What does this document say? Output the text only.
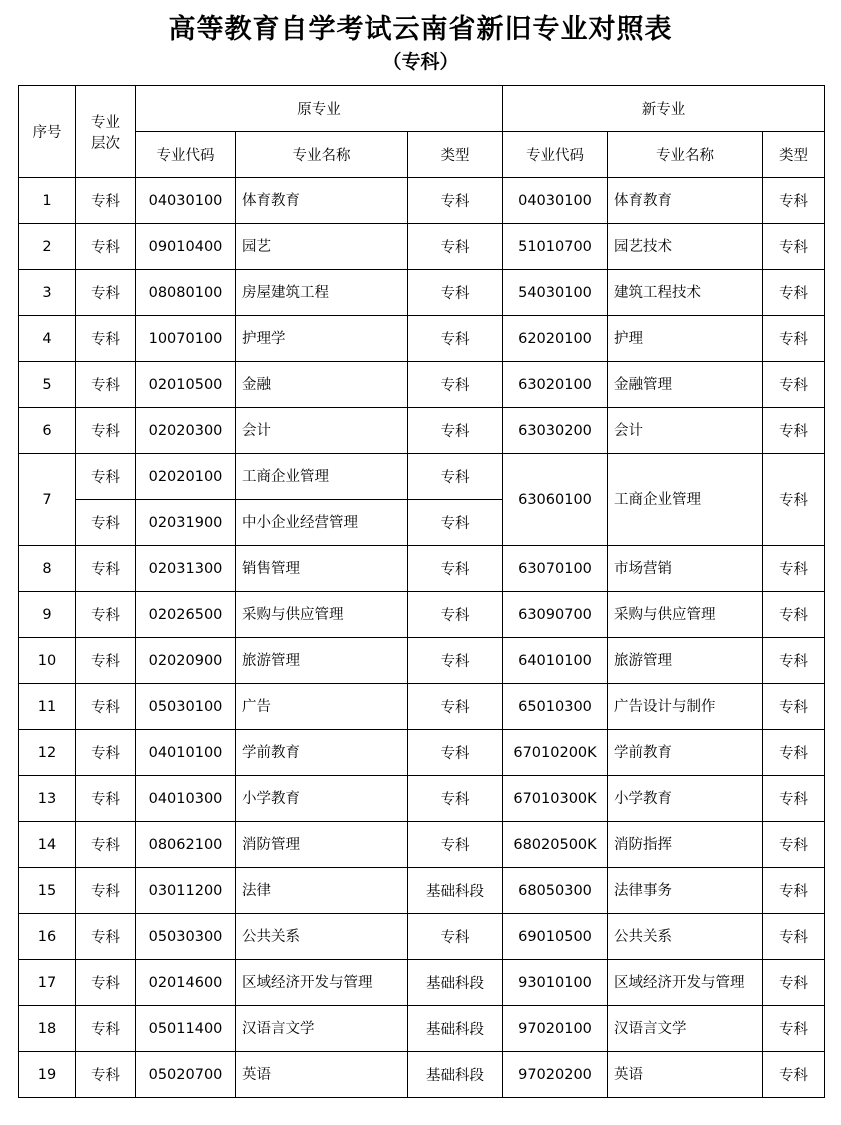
高等教育自学考试云南省新旧专业对照表
（专科）
序号	专业
层次	原专业			新专业		
		专业代码	专业名称	类型	专业代码	专业名称	类型
1	专科	04030100	体育教育	专科	04030100	体育教育	专科
2	专科	09010400	园艺	专科	51010700	园艺技术	专科
3	专科	08080100	房屋建筑工程	专科	54030100	建筑工程技术	专科
4	专科	10070100	护理学	专科	62020100	护理	专科
5	专科	02010500	金融	专科	63020100	金融管理	专科
6	专科	02020300	会计	专科	63030200	会计	专科
7	专科	02020100	工商企业管理	专科	63060100	工商企业管理	专科
	专科	02031900	中小企业经营管理	专科			
8	专科	02031300	销售管理	专科	63070100	市场营销	专科
9	专科	02026500	采购与供应管理	专科	63090700	采购与供应管理	专科
10	专科	02020900	旅游管理	专科	64010100	旅游管理	专科
11	专科	05030100	广告	专科	65010300	广告设计与制作	专科
12	专科	04010100	学前教育	专科	67010200K	学前教育	专科
13	专科	04010300	小学教育	专科	67010300K	小学教育	专科
14	专科	08062100	消防管理	专科	68020500K	消防指挥	专科
15	专科	03011200	法律	基础科段	68050300	法律事务	专科
16	专科	05030300	公共关系	专科	69010500	公共关系	专科
17	专科	02014600	区域经济开发与管理	基础科段	93010100	区域经济开发与管理	专科
18	专科	05011400	汉语言文学	基础科段	97020100	汉语言文学	专科
19	专科	05020700	英语	基础科段	97020200	英语	专科
